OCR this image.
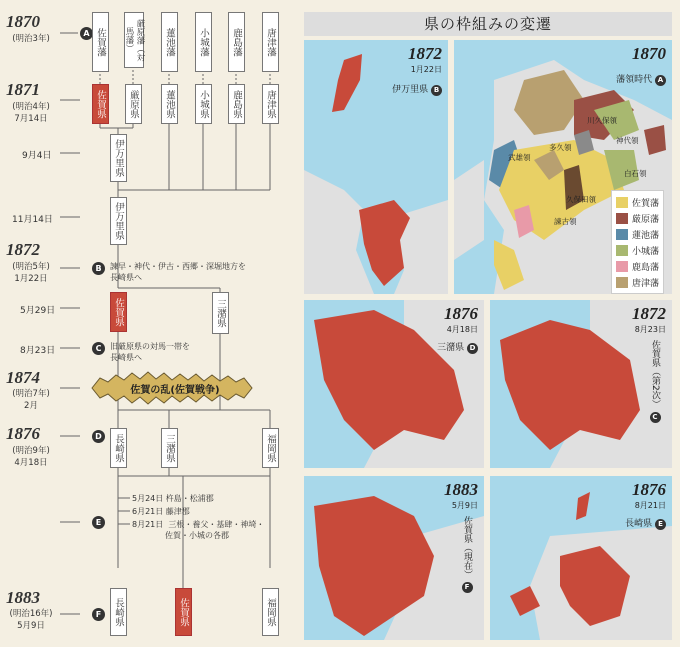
1870
(明治3年)
A
1871
(明治4年)
7月14日
9月4日
11月14日
1872
(明治5年)
1月22日
B	諫早・神代・伊古・西郷・深堀地方を
長崎県へ
5月29日
8月23日	C	旧厳原県の対馬一帯を
長崎県へ
1874
(明治7年)
2月
佐賀の乱(佐賀戦争)
1876
(明治9年)
4月18日
D
E
5月24日 杵島・松浦郡
6月21日 藤津郡
8月21日  三根・養父・基肆・神埼・
佐賀・小城の各郡
1883
(明治16年)
5月9日
F
佐賀藩	厳原藩（対馬藩）	蓮池藩	小城藩	鹿島藩	唐津藩
佐賀県	厳原県	蓮池県	小城県	鹿島県	唐津県
伊万里県
伊万里県
佐賀県	三潴県
長崎県	三潴県	福岡県
長崎県	佐賀県	福岡県
県の枠組みの変遷
1872
1月22日
伊万里県 B
1870
藩領時代 A
川久保領
神代領
多久領
武雄領
白石領
久保田領
諫古領
佐賀藩
厳原藩
蓮池藩
小城藩
鹿島藩
唐津藩
1876
4月18日
三潴県 D
1872
8月23日
佐賀県（第2次） C
1883
5月9日
佐賀県（現在） F
1876
8月21日
長崎県 E
